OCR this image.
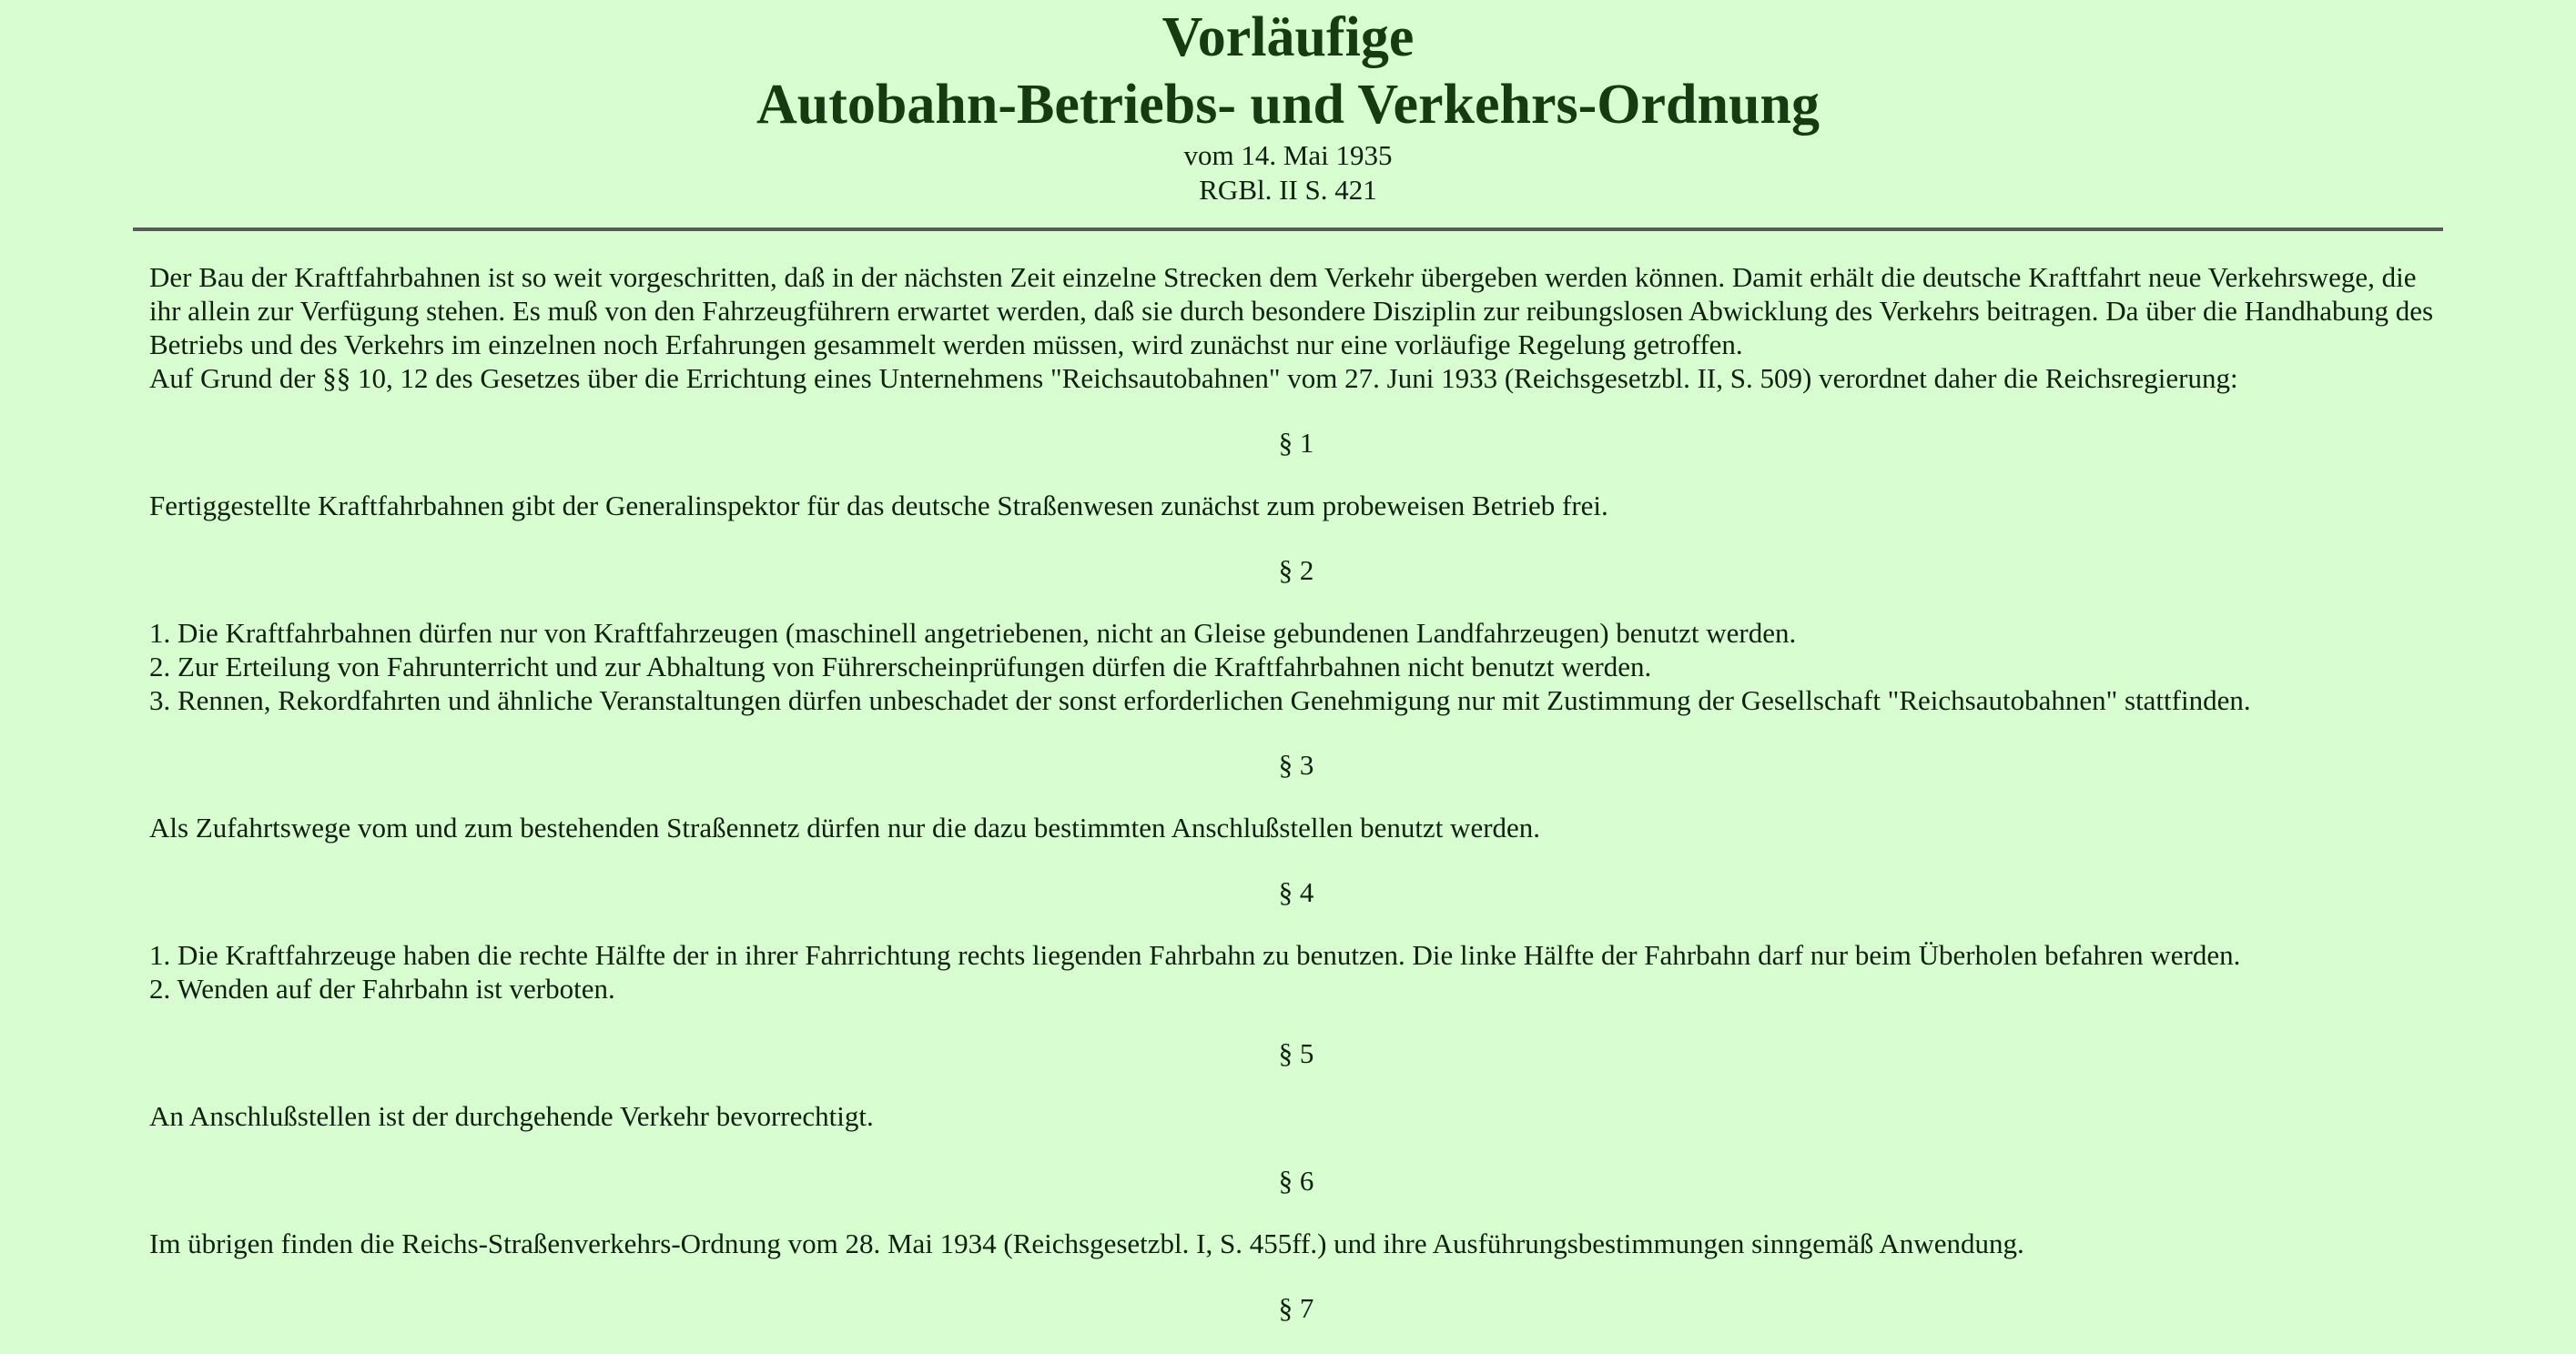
Vorläufige
Autobahn-Betriebs- und Verkehrs-Ordnung

vom 14. Mai 1935

RGBl. II S. 421

Der Bau der Kraftfahrbahnen ist so weit vorgeschritten, daß in der nächsten Zeit einzelne Strecken dem Verkehr übergeben werden können. Damit erhält die deutsche Kraftfahrt neue Verkehrswege, die ihr allein zur Verfügung stehen. Es muß von den Fahrzeugführern erwartet werden, daß sie durch besondere Disziplin zur reibungslosen Abwicklung des Verkehrs beitragen. Da über die Handhabung des Betriebs und des Verkehrs im einzelnen noch Erfahrungen gesammelt werden müssen, wird zunächst nur eine vorläufige Regelung getroffen.

Auf Grund der §§ 10, 12 des Gesetzes über die Errichtung eines Unternehmens "Reichsautobahnen" vom 27. Juni 1933 (Reichsgesetzbl. II, S. 509) verordnet daher die Reichsregierung:

§ 1

Fertiggestellte Kraftfahrbahnen gibt der Generalinspektor für das deutsche Straßenwesen zunächst zum probeweisen Betrieb frei.

§ 2

1. Die Kraftfahrbahnen dürfen nur von Kraftfahrzeugen (maschinell angetriebenen, nicht an Gleise gebundenen Landfahrzeugen) benutzt werden.

2. Zur Erteilung von Fahrunterricht und zur Abhaltung von Führerscheinprüfungen dürfen die Kraftfahrbahnen nicht benutzt werden.

3. Rennen, Rekordfahrten und ähnliche Veranstaltungen dürfen unbeschadet der sonst erforderlichen Genehmigung nur mit Zustimmung der Gesellschaft "Reichsautobahnen" stattfinden.

§ 3

Als Zufahrtswege vom und zum bestehenden Straßennetz dürfen nur die dazu bestimmten Anschlußstellen benutzt werden.

§ 4

1. Die Kraftfahrzeuge haben die rechte Hälfte der in ihrer Fahrrichtung rechts liegenden Fahrbahn zu benutzen. Die linke Hälfte der Fahrbahn darf nur beim Überholen befahren werden.

2. Wenden auf der Fahrbahn ist verboten.

§ 5

An Anschlußstellen ist der durchgehende Verkehr bevorrechtigt.

§ 6

Im übrigen finden die Reichs-Straßenverkehrs-Ordnung vom 28. Mai 1934 (Reichsgesetzbl. I, S. 455ff.) und ihre Ausführungsbestimmungen sinngemäß Anwendung.

§ 7
